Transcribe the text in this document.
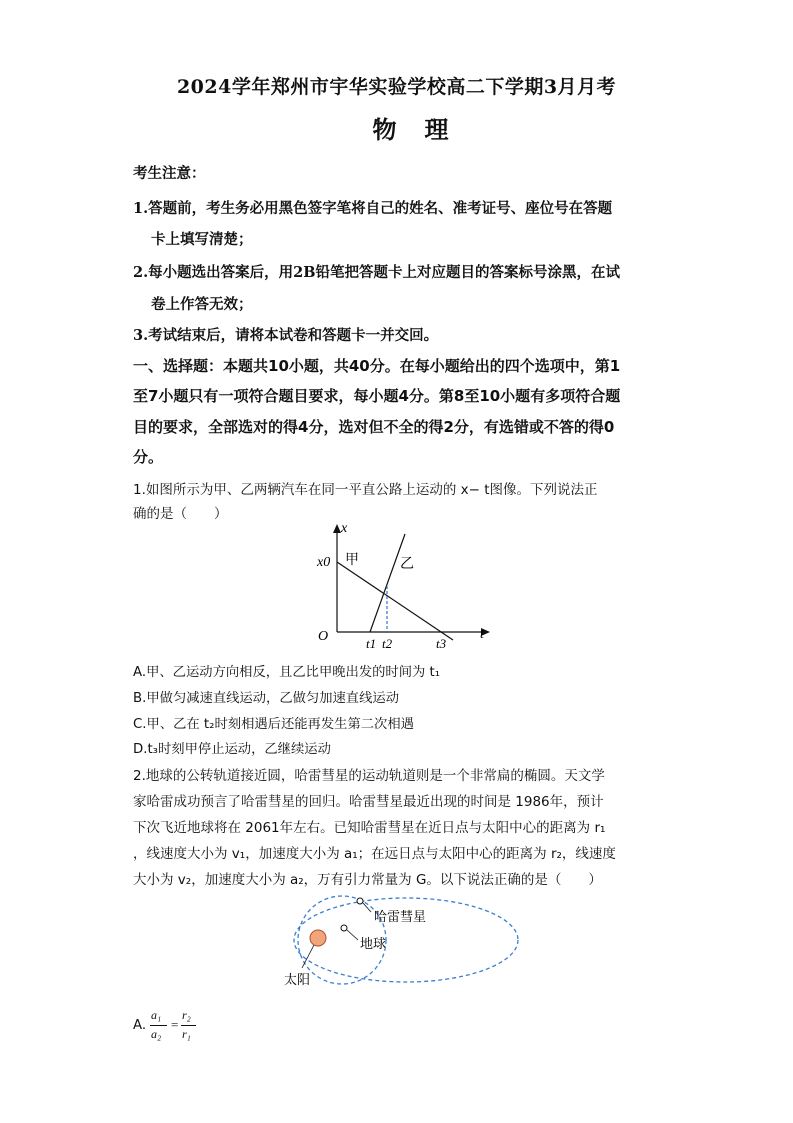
2024学年郑州市宇华实验学校高二下学期3月月考
物理
考生注意：
1.答题前，考生务必用黑色签字笔将自己的姓名、准考证号、座位号在答题
卡上填写清楚；
2.每小题选出答案后，用2B铅笔把答题卡上对应题目的答案标号涂黑，在试
卷上作答无效；
3.考试结束后，请将本试卷和答题卡一并交回。
一、选择题：本题共10小题，共40分。在每小题给出的四个选项中，第1
至7小题只有一项符合题目要求，每小题4分。第8至10小题有多项符合题
目的要求，全部选对的得4分，选对但不全的得2分，有选错或不答的得0
分。
1.如图所示为甲、乙两辆汽车在同一平直公路上运动的 x− t图像。下列说法正
确的是（　　）
x
t
O
x0 甲	乙
t1 t2	t3
A.甲、乙运动方向相反，且乙比甲晚出发的时间为 t₁
B.甲做匀减速直线运动，乙做匀加速直线运动
C.甲、乙在 t₂时刻相遇后还能再发生第二次相遇
D.t₃时刻甲停止运动，乙继续运动
2.地球的公转轨道接近圆，哈雷彗星的运动轨道则是一个非常扁的椭圆。天文学
家哈雷成功预言了哈雷彗星的回归。哈雷彗星最近出现的时间是 1986年，预计
下次飞近地球将在 2061年左右。已知哈雷彗星在近日点与太阳中心的距离为 r₁
，线速度大小为 v₁，加速度大小为 a₁；在远日点与太阳中心的距离为 r₂，线速度
大小为 v₂，加速度大小为 a₂，万有引力常量为 G。以下说法正确的是（　　）
哈雷彗星
地球
太阳
A.
a₁
a₂
=
r₂
r₁
